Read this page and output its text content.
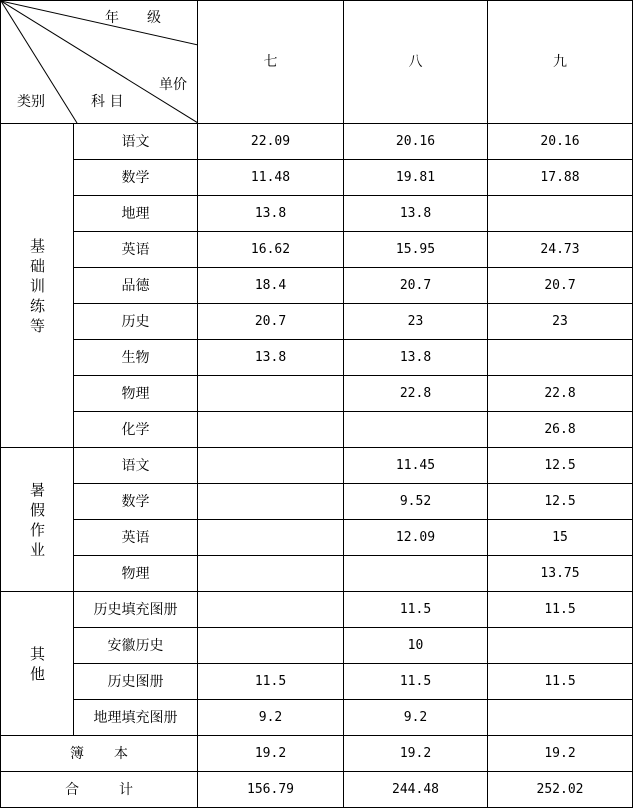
年　　级
单价
科 目
类别		七	八	九
基础训练等	语文	22.09	20.16	20.16
	数学	11.48	19.81	17.88
	地理	13.8	13.8	
	英语	16.62	15.95	24.73
	品德	18.4	20.7	20.7
	历史	20.7	23	23
	生物	13.8	13.8	
	物理		22.8	22.8
	化学			26.8
暑假作业	语文		11.45	12.5
	数学		9.52	12.5
	英语		12.09	15
	物理			13.75
其他	历史填充图册		11.5	11.5
	安徽历史		10	
	历史图册	11.5	11.5	11.5
	地理填充图册	9.2	9.2	
簿本		19.2	19.2	19.2
合计		156.79	244.48	252.02
